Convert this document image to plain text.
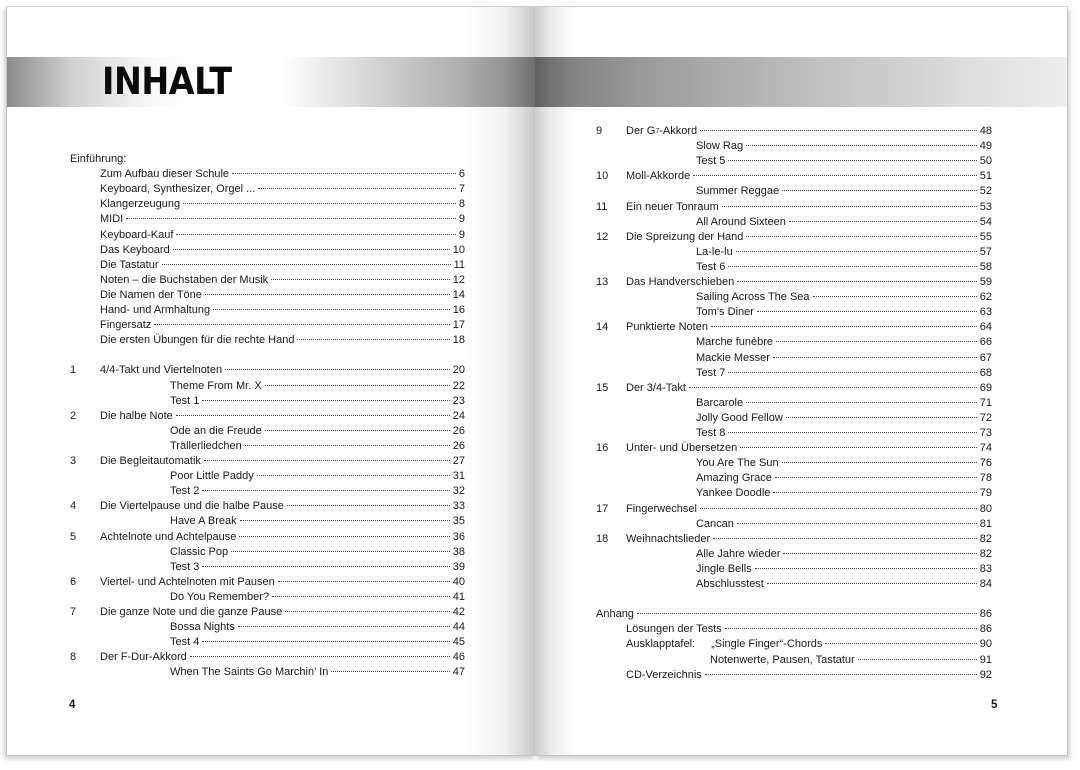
INHALT
Einführung:
Zum Aufbau dieser Schule	6
Keyboard, Synthesizer, Orgel ...	7
Klangerzeugung	8
MIDI	9
Keyboard-Kauf	9
Das Keyboard	10
Die Tastatur	11
Noten – die Buchstaben der Musik	12
Die Namen der Töne	14
Hand- und Armhaltung	16
Fingersatz	17
Die ersten Übungen für die rechte Hand	18
1 4/4-Takt und Viertelnoten	20
Theme From Mr. X	22
Test 1	23
2 Die halbe Note	24
Ode an die Freude	26
Trällerliedchen	26
3 Die Begleitautomatik	27
Poor Little Paddy	31
Test 2	32
4 Die Viertelpause und die halbe Pause	33
Have A Break	35
5 Achtelnote und Achtelpause	36
Classic Pop	38
Test 3	39
6 Viertel- und Achtelnoten mit Pausen	40
Do You Remember?	41
7 Die ganze Note und die ganze Pause	42
Bossa Nights	44
Test 4	45
8 Der F-Dur-Akkord	46
When The Saints Go Marchin’ In	47
4
9 Der $G^7$ -Akkord	48
Slow Rag	49
Test 5	50
10 Moll-Akkorde	51
Summer Reggae	52
11 Ein neuer Tonraum	53
All Around Sixteen	54
12 Die Spreizung der Hand	55
La-le-lu	57
Test 6	58
13 Das Handverschieben	59
Sailing Across The Sea	62
Tom’s Diner	63
14 Punktierte Noten	64
Marche funèbre	66
Mackie Messer	67
Test 7	68
15 Der 3/4-Takt	69
Barcarole	71
Jolly Good Fellow	72
Test 8	73
16 Unter- und Übersetzen	74
You Are The Sun	76
Amazing Grace	78
Yankee Doodle	79
17 Fingerwechsel	80
Cancan	81
18 Weihnachtslieder	82
Alle Jahre wieder	82
Jingle Bells	83
Abschlusstest	84
Anhang	86
Lösungen der Tests	86
Ausklapptafel: „Single Finger“-Chords	90
Notenwerte, Pausen, Tastatur	91
CD-Verzeichnis	92
5
